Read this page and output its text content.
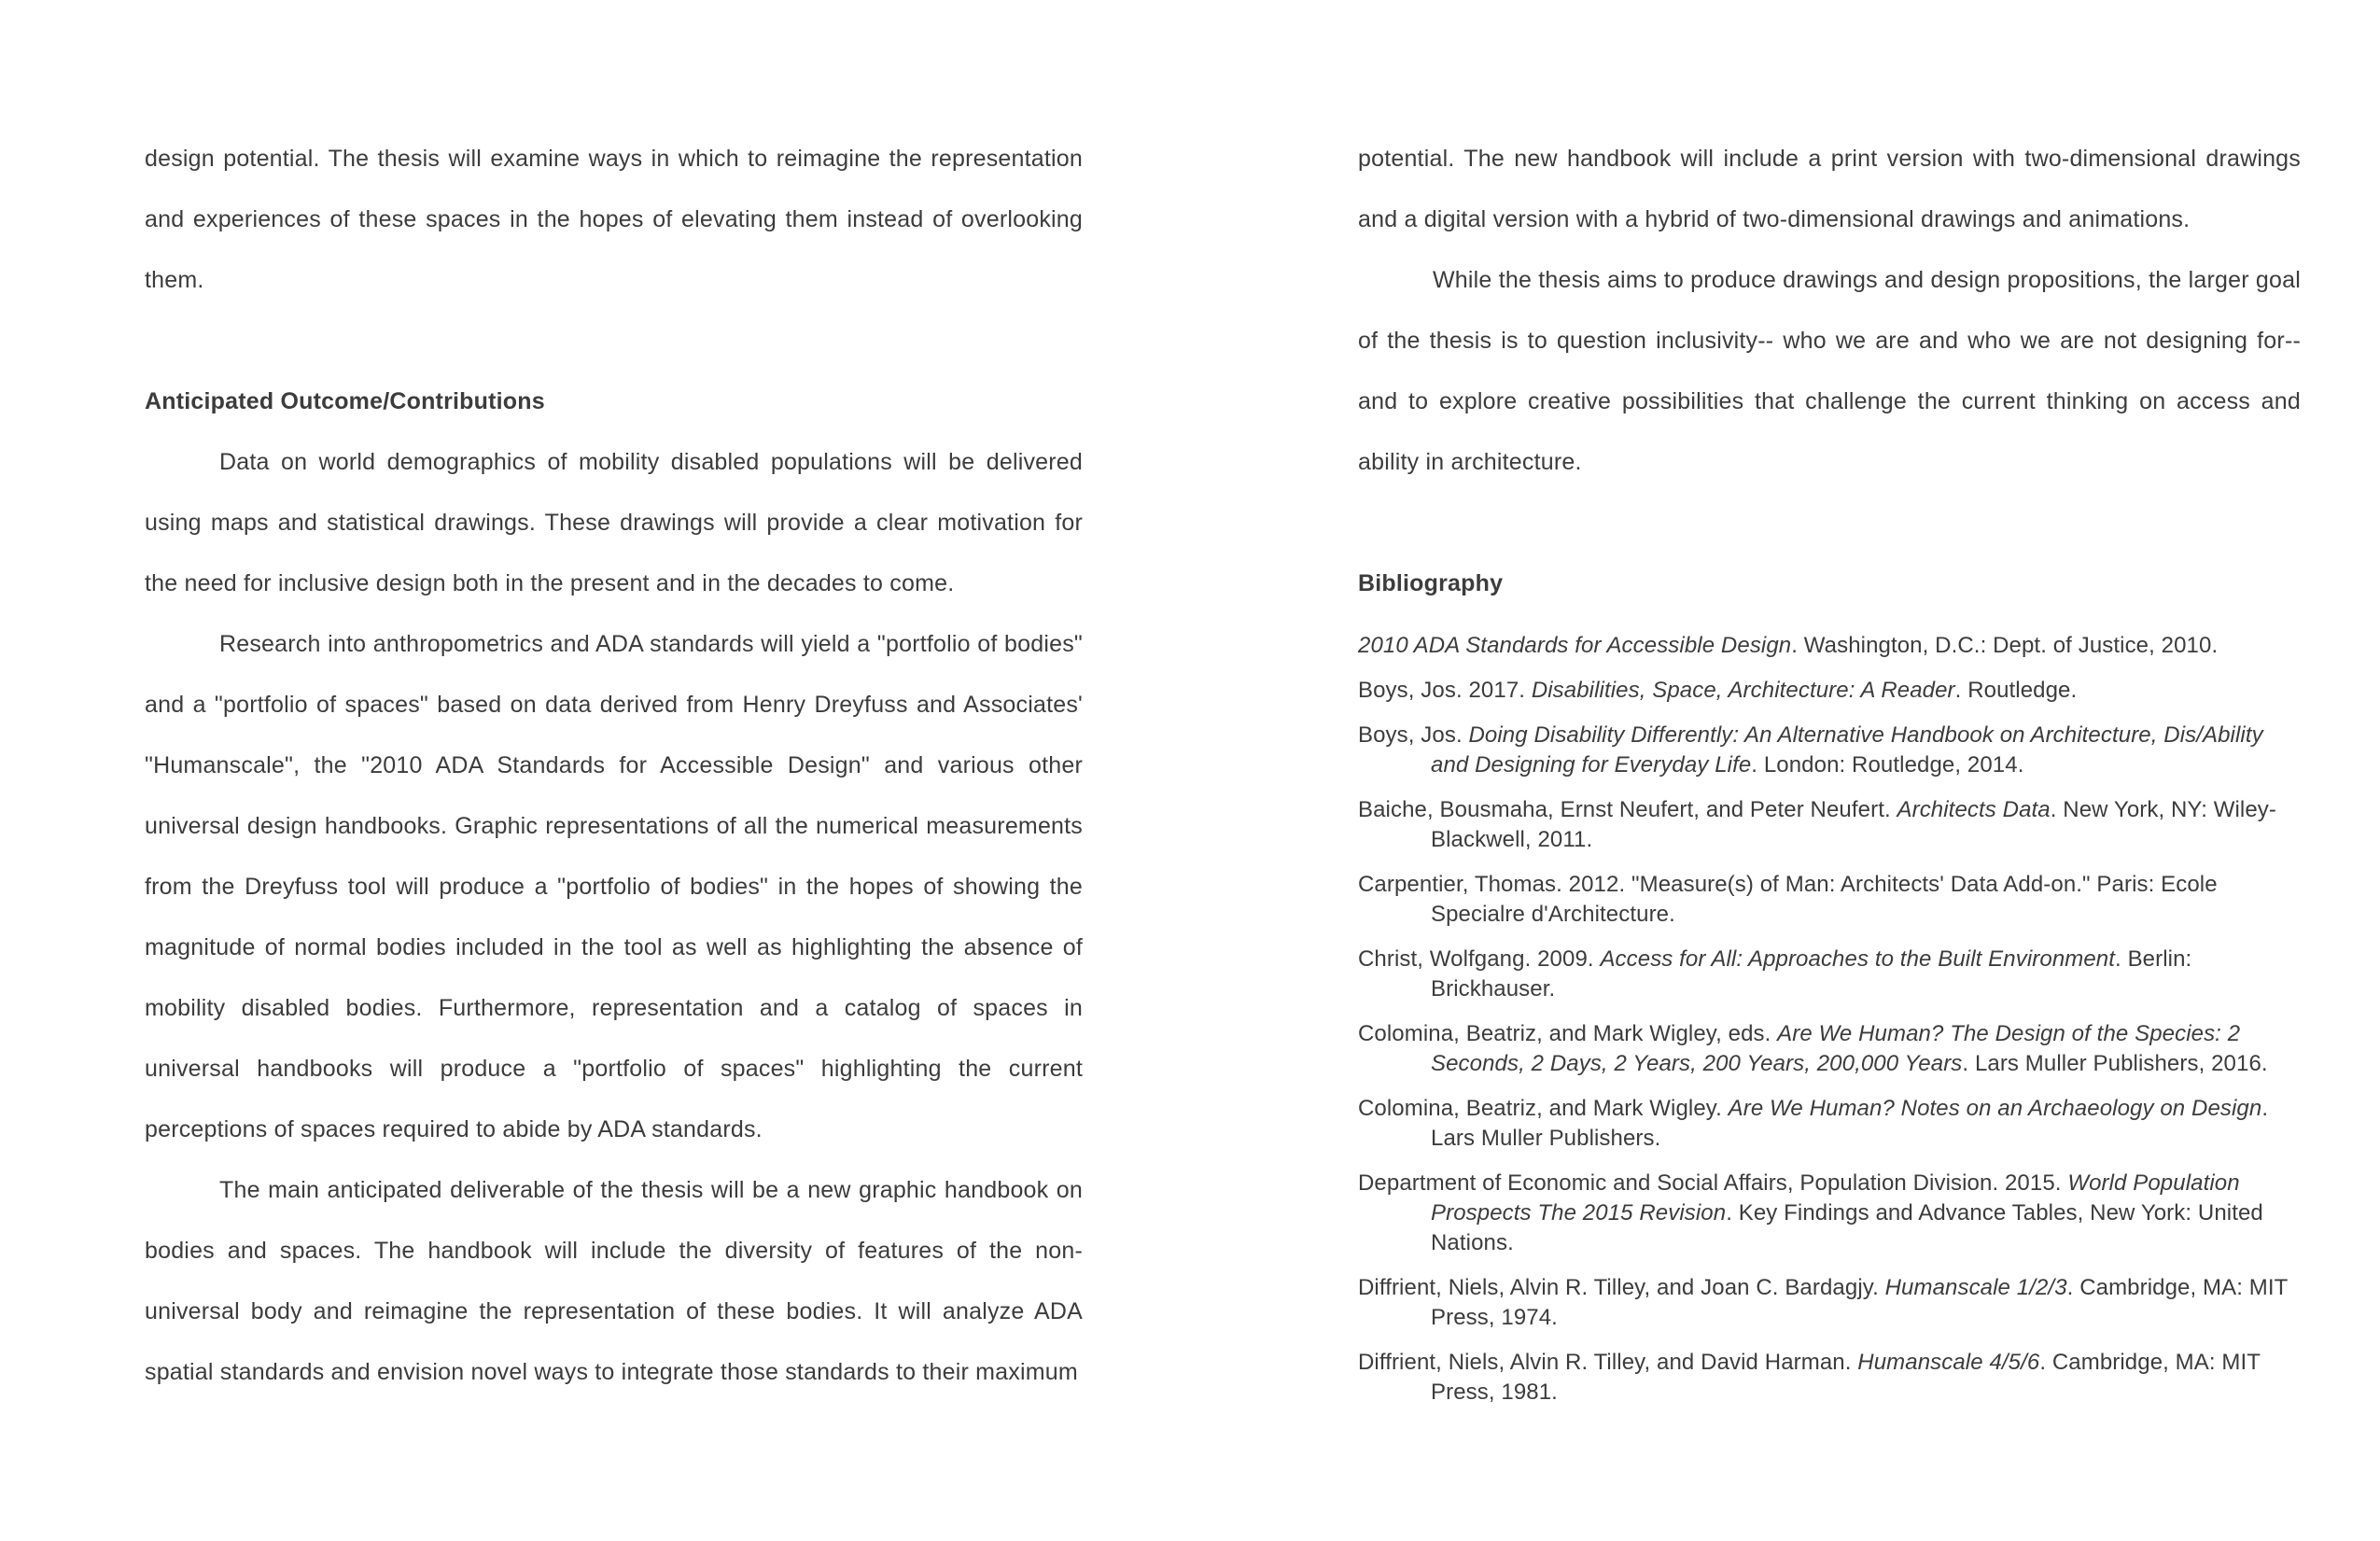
design potential. The thesis will examine ways in which to reimagine the representation and experiences of these spaces in the hopes of elevating them instead of overlooking them.

Anticipated Outcome/Contributions

Data on world demographics of mobility disabled populations will be delivered using maps and statistical drawings. These drawings will provide a clear motivation for the need for inclusive design both in the present and in the decades to come.

Research into anthropometrics and ADA standards will yield a "portfolio of bodies" and a "portfolio of spaces" based on data derived from Henry Dreyfuss and Associates' "Humanscale", the "2010 ADA Standards for Accessible Design" and various other universal design handbooks. Graphic representations of all the numerical measurements from the Dreyfuss tool will produce a "portfolio of bodies" in the hopes of showing the magnitude of normal bodies included in the tool as well as highlighting the absence of mobility disabled bodies. Furthermore, representation and a catalog of spaces in universal handbooks will produce a "portfolio of spaces" highlighting the current perceptions of spaces required to abide by ADA standards.

The main anticipated deliverable of the thesis will be a new graphic handbook on bodies and spaces. The handbook will include the diversity of features of the non-universal body and reimagine the representation of these bodies. It will analyze ADA spatial standards and envision novel ways to integrate those standards to their maximum

potential. The new handbook will include a print version with two-dimensional drawings and a digital version with a hybrid of two-dimensional drawings and animations.

While the thesis aims to produce drawings and design propositions, the larger goal of the thesis is to question inclusivity-- who we are and who we are not designing for-- and to explore creative possibilities that challenge the current thinking on access and ability in architecture.

Bibliography
2010 ADA Standards for Accessible Design. Washington, D.C.: Dept. of Justice, 2010.
Boys, Jos. 2017. Disabilities, Space, Architecture: A Reader. Routledge.
Boys, Jos. Doing Disability Differently: An Alternative Handbook on Architecture, Dis/Ability and Designing for Everyday Life. London: Routledge, 2014.
Baiche, Bousmaha, Ernst Neufert, and Peter Neufert. Architects Data. New York, NY: Wiley-Blackwell, 2011.
Carpentier, Thomas. 2012. "Measure(s) of Man: Architects' Data Add-on." Paris: Ecole Specialre d'Architecture.
Christ, Wolfgang. 2009. Access for All: Approaches to the Built Environment. Berlin: Brickhauser.
Colomina, Beatriz, and Mark Wigley, eds. Are We Human? The Design of the Species: 2 Seconds, 2 Days, 2 Years, 200 Years, 200,000 Years. Lars Muller Publishers, 2016.
Colomina, Beatriz, and Mark Wigley. Are We Human? Notes on an Archaeology on Design. Lars Muller Publishers.
Department of Economic and Social Affairs, Population Division. 2015. World Population Prospects The 2015 Revision. Key Findings and Advance Tables, New York: United Nations.
Diffrient, Niels, Alvin R. Tilley, and Joan C. Bardagjy. Humanscale 1/2/3. Cambridge, MA: MIT Press, 1974.
Diffrient, Niels, Alvin R. Tilley, and David Harman. Humanscale 4/5/6. Cambridge, MA: MIT Press, 1981.
